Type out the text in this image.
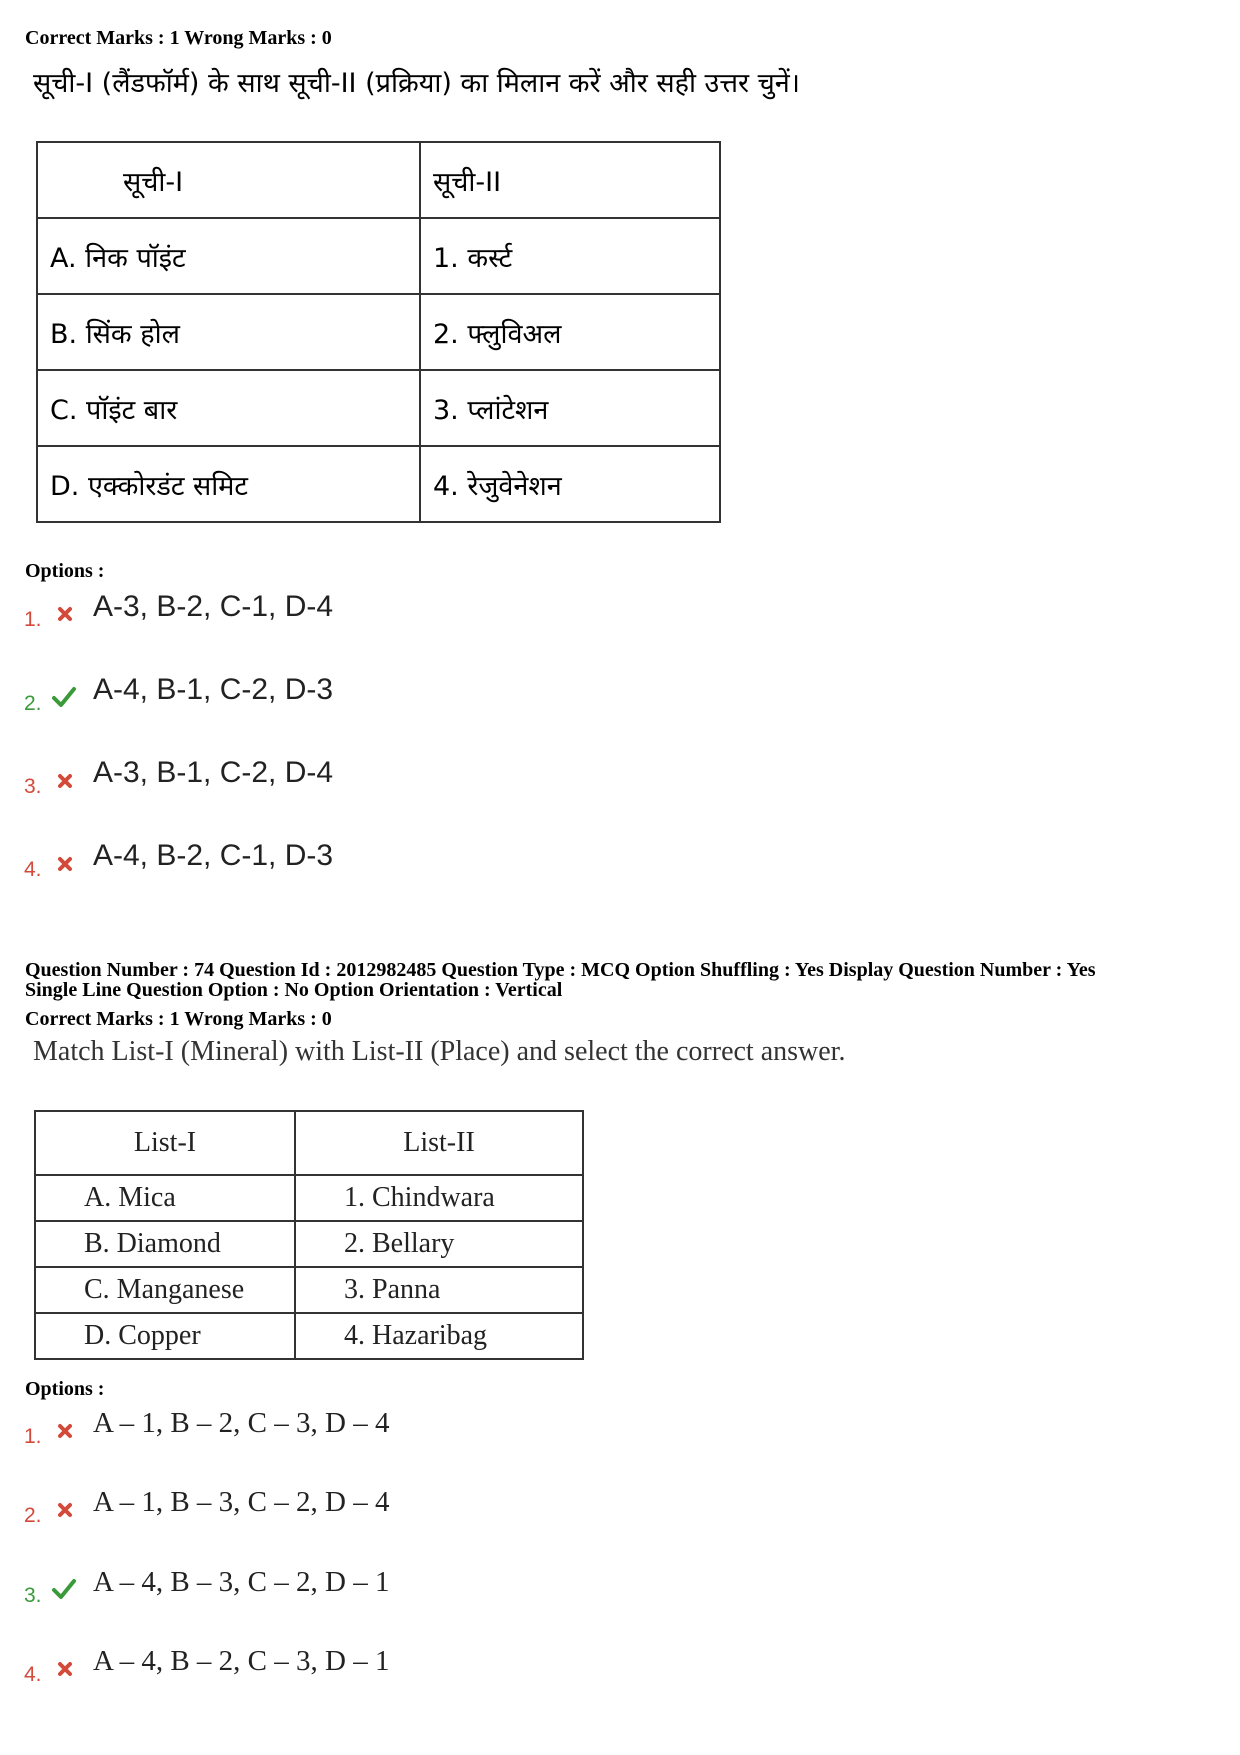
Correct Marks : 1 Wrong Marks : 0
सूची-I (लैंडफॉर्म) के साथ सूची-II (प्रक्रिया) का मिलान करें और सही उत्तर चुनें।
सूची-I	सूची-II
A. निक पॉइंट	1. कर्स्ट
B. सिंक होल	2. फ्लुविअल
C. पॉइंट बार	3. प्लांटेशन
D. एक्कोरडंट समिट	4. रेजुवेनेशन
Options :
1. A-3, B-2, C-1, D-4
2. A-4, B-1, C-2, D-3
3. A-3, B-1, C-2, D-4
4. A-4, B-2, C-1, D-3
Question Number : 74 Question Id : 2012982485 Question Type : MCQ Option Shuffling : Yes Display Question Number : Yes
Single Line Question Option : No Option Orientation : Vertical
Correct Marks : 1 Wrong Marks : 0
Match List-I (Mineral) with List-II (Place) and select the correct answer.
List-I	List-II
A. Mica	1. Chindwara
B. Diamond	2. Bellary
C. Manganese	3. Panna
D. Copper	4. Hazaribag
Options :
1. A – 1, B – 2, C – 3, D – 4
2. A – 1, B – 3, C – 2, D – 4
3. A – 4, B – 3, C – 2, D – 1
4. A – 4, B – 2, C – 3, D – 1
